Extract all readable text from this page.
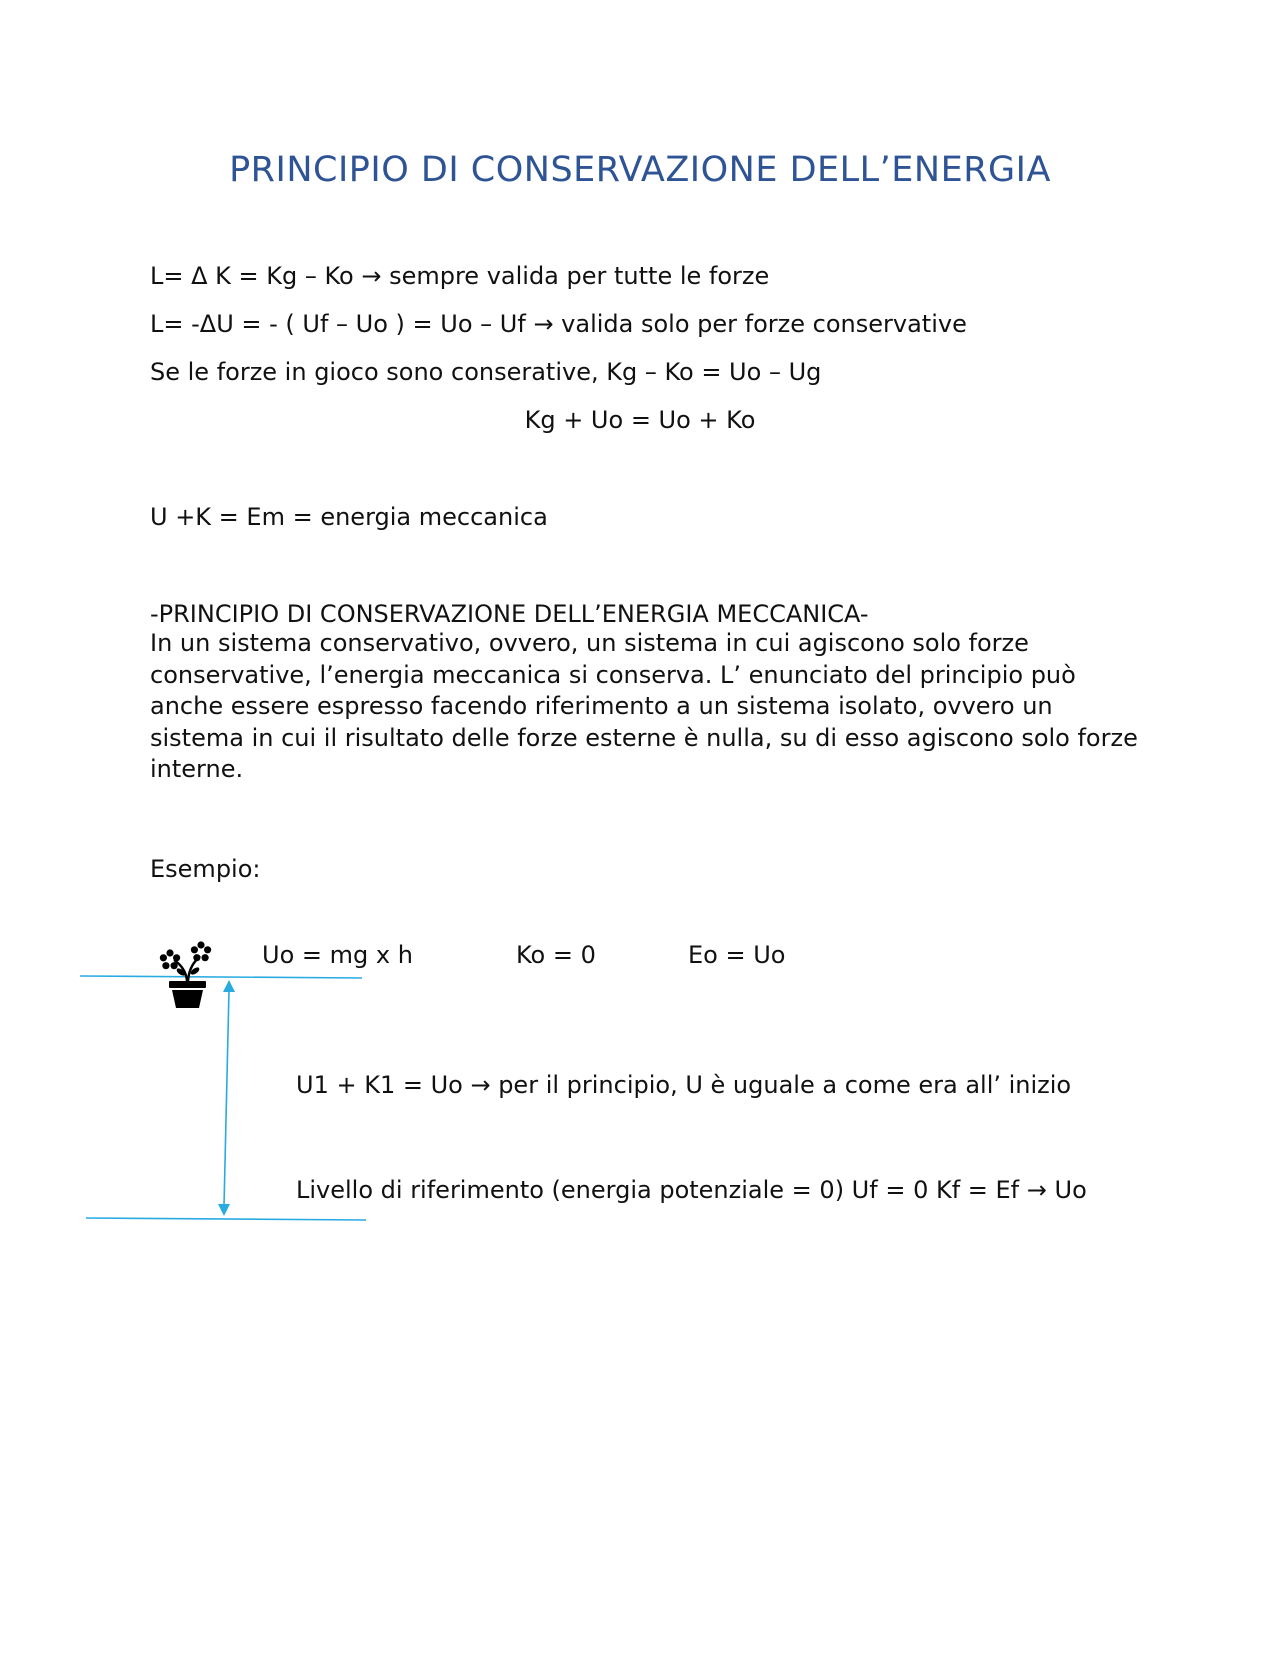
PRINCIPIO DI CONSERVAZIONE DELL’ENERGIA
L= Δ K = Kg – Ko → sempre valida per tutte le forze
L= -ΔU = - ( Uf – Uo ) = Uo – Uf → valida solo per forze conservative
Se le forze in gioco sono conserative, Kg – Ko = Uo – Ug
Kg + Uo = Uo + Ko
U +K = Em = energia meccanica
-PRINCIPIO DI CONSERVAZIONE DELL’ENERGIA MECCANICA-

In un sistema conservativo, ovvero, un sistema in cui agiscono solo forze conservative, l’energia meccanica si conserva. L’ enunciato del principio può anche essere espresso facendo riferimento a un sistema isolato, ovvero un sistema in cui il risultato delle forze esterne è nulla, su di esso agiscono solo forze interne.

Esempio:
Uo = mg x h	Ko = 0	Eo = Uo
U1 + K1 = Uo → per il principio, U è uguale a come era all’ inizio
Livello di riferimento (energia potenziale = 0) Uf = 0 Kf = Ef → Uo
